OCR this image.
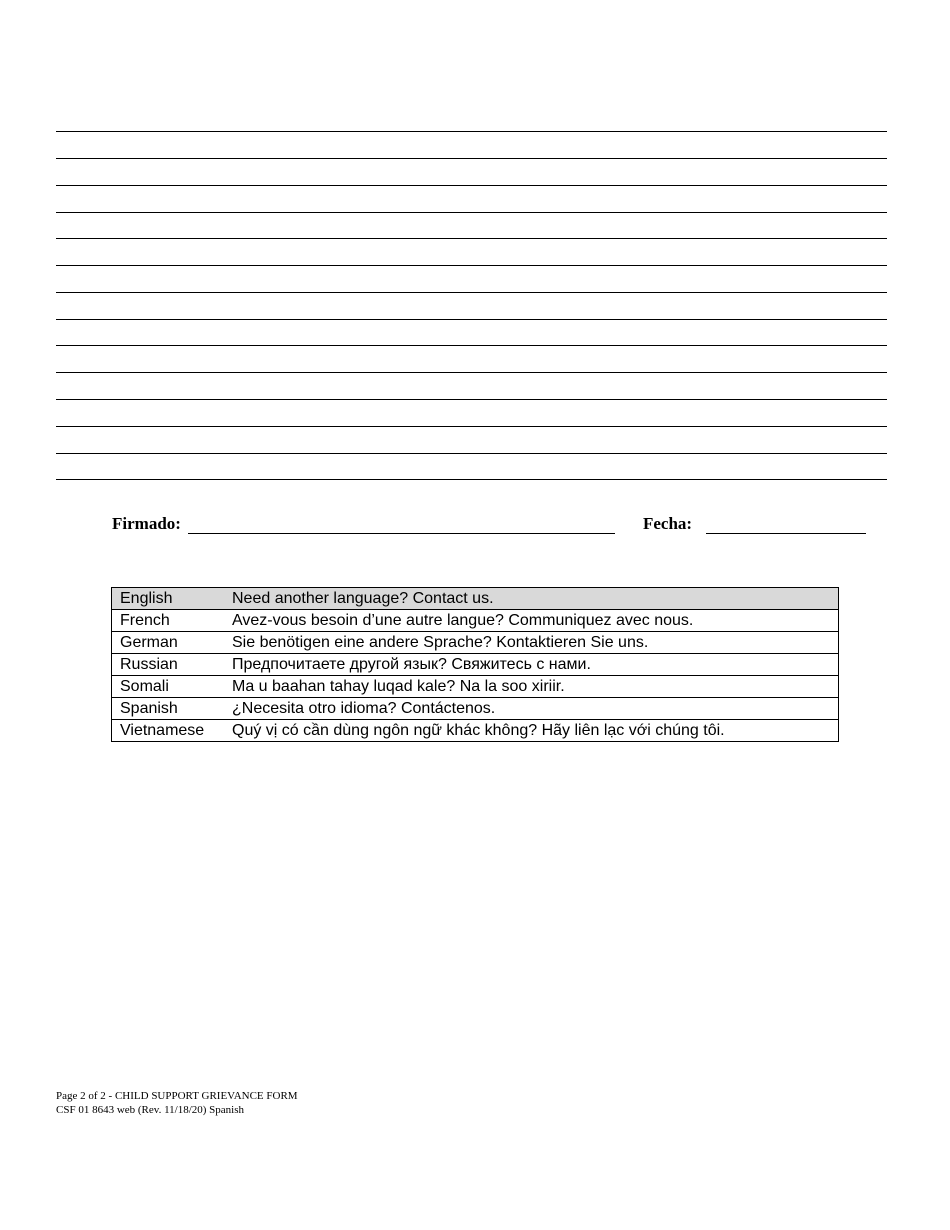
Firmado:	Fecha:
English	Need another language? Contact us.
French	Avez-vous besoin d’une autre langue? Communiquez avec nous.
German	Sie benötigen eine andere Sprache? Kontaktieren Sie uns.
Russian	Предпочитаете другой язык? Свяжитесь с нами.
Somali	Ma u baahan tahay luqad kale? Na la soo xiriir.
Spanish	¿Necesita otro idioma? Contáctenos.
Vietnamese	Quý vị có cần dùng ngôn ngữ khác không? Hãy liên lạc với chúng tôi.
Page 2 of 2 - CHILD SUPPORT GRIEVANCE FORM
CSF 01 8643 web (Rev. 11/18/20) Spanish
